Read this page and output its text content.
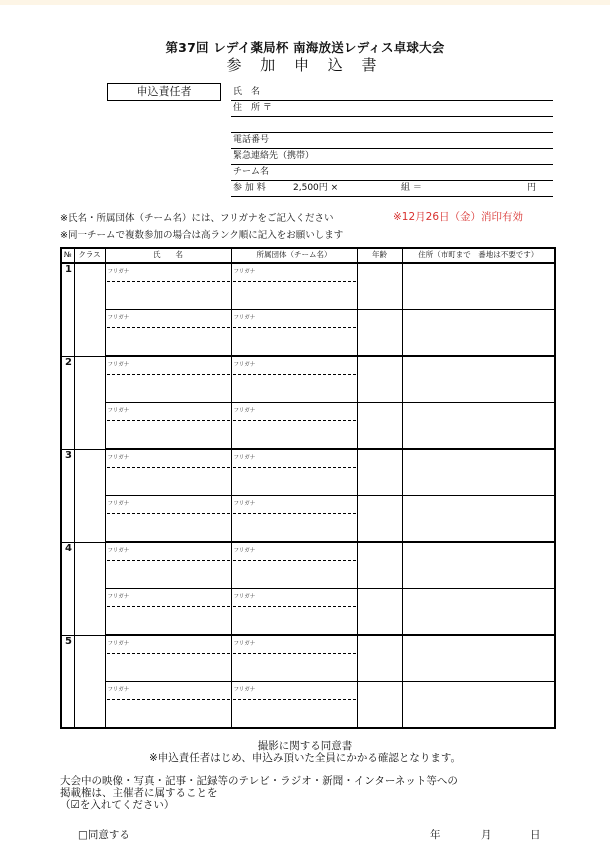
第37回 レデイ薬局杯 南海放送レディス卓球大会
参 加 申 込 書
申込責任者	氏　名
住　所 〒
電話番号
緊急連絡先（携帯）
チーム名
参 加 料	2,500円 ×	組 ＝	円
※氏名・所属団体（チーム名）には、フリガナをご記入ください	※12月26日（金）消印有効
※同一チームで複数参加の場合は高ランク順に記入をお願いします
№	クラス	氏　　名	所属団体（チーム名）	年齢	住所（市町まで　番地は不要です）
1		フリガナ	フリガナ		

		フリガナ	フリガナ		

2		フリガナ	フリガナ		

		フリガナ	フリガナ		

3		フリガナ	フリガナ		

		フリガナ	フリガナ		

4		フリガナ	フリガナ		

		フリガナ	フリガナ		

5		フリガナ	フリガナ		

		フリガナ	フリガナ		

撮影に関する同意書
※申込責任者はじめ、申込み頂いた全員にかかる確認となります。
大会中の映像・写真・記事・記録等のテレビ・ラジオ・新聞・インターネット等への
掲載権は、主催者に属することを
（☑を入れてください）
□同意する	年	月	日
